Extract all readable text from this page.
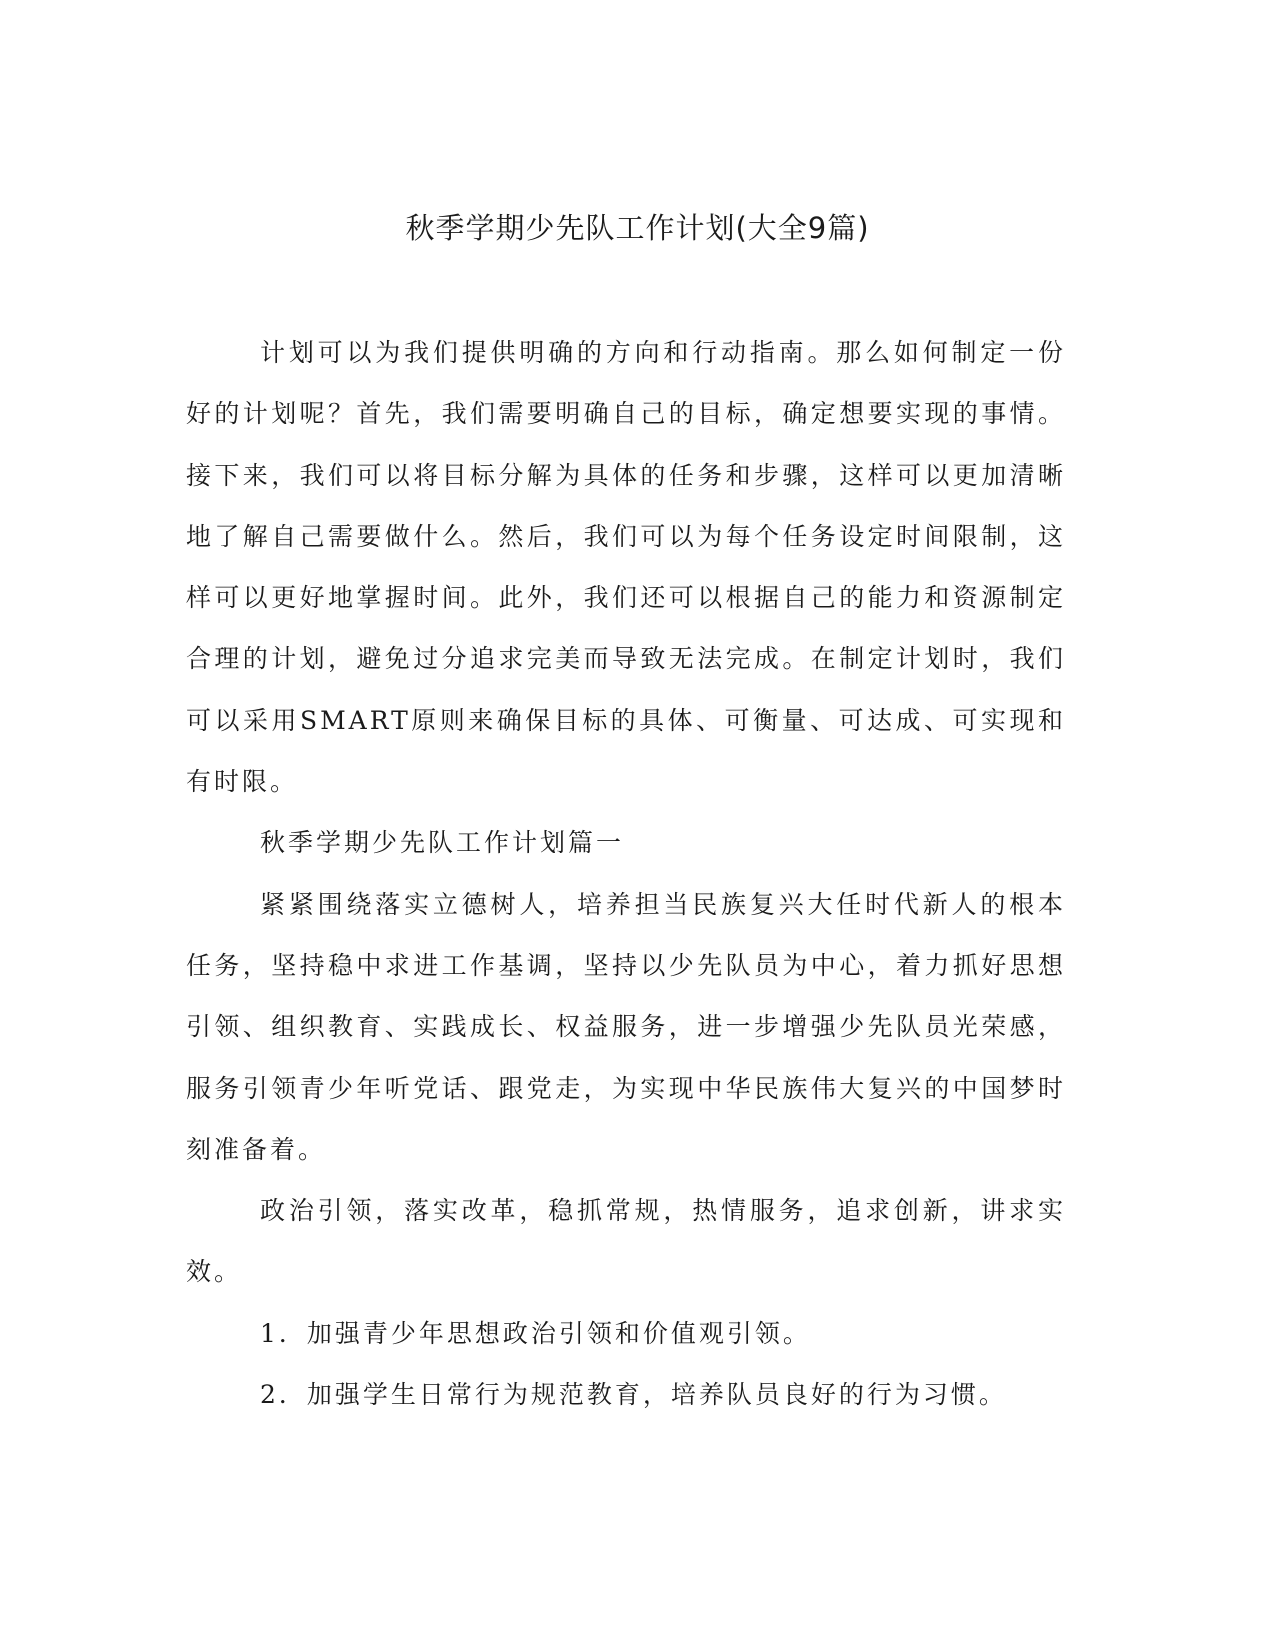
秋季学期少先队工作计划(大全9篇)

计划可以为我们提供明确的方向和行动指南。那么如何制定一份好的计划呢？首先，我们需要明确自己的目标，确定想要实现的事情。接下来，我们可以将目标分解为具体的任务和步骤，这样可以更加清晰地了解自己需要做什么。然后，我们可以为每个任务设定时间限制，这样可以更好地掌握时间。此外，我们还可以根据自己的能力和资源制定合理的计划，避免过分追求完美而导致无法完成。在制定计划时，我们可以采用SMART原则来确保目标的具体、可衡量、可达成、可实现和有时限。

秋季学期少先队工作计划篇一

紧紧围绕落实立德树人，培养担当民族复兴大任时代新人的根本任务，坚持稳中求进工作基调，坚持以少先队员为中心，着力抓好思想引领、组织教育、实践成长、权益服务，进一步增强少先队员光荣感，服务引领青少年听党话、跟党走，为实现中华民族伟大复兴的中国梦时刻准备着。

政治引领，落实改革，稳抓常规，热情服务，追求创新，讲求实效。

1．加强青少年思想政治引领和价值观引领。

2．加强学生日常行为规范教育，培养队员良好的行为习惯。
